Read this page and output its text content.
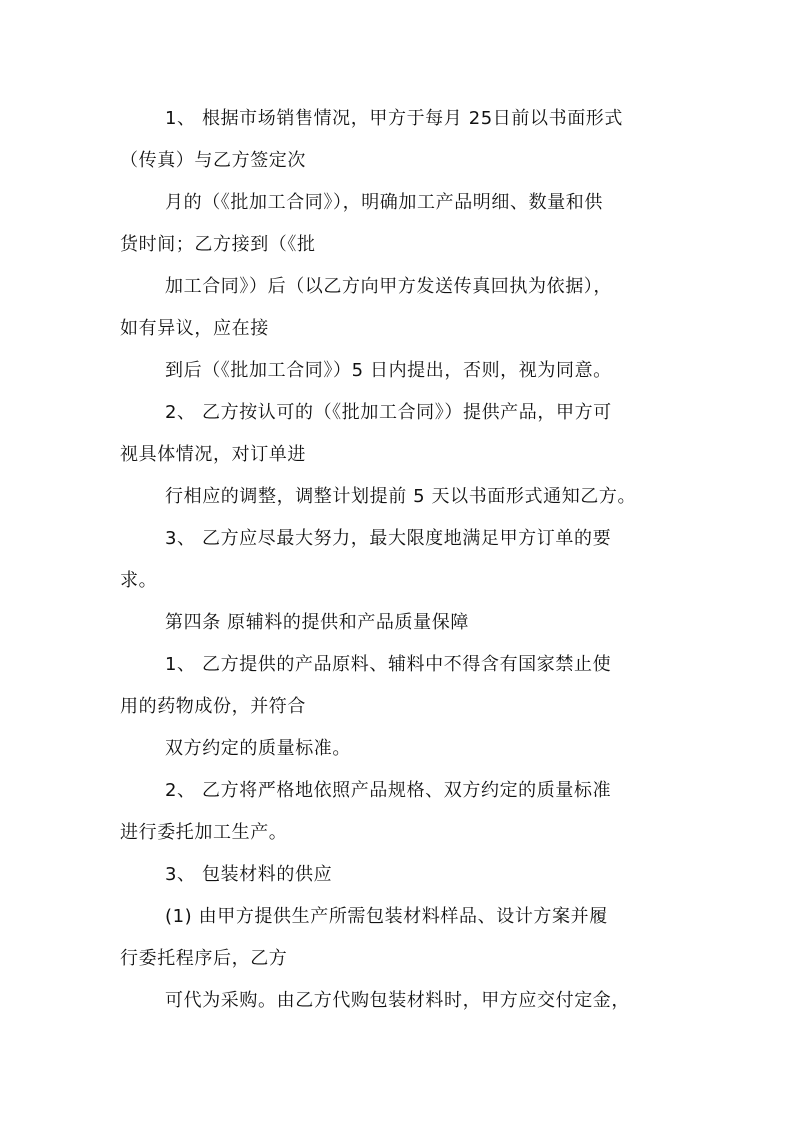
1、 根据市场销售情况，甲方于每月 25日前以书面形式
（传真）与乙方签定次
月的（《批加工合同》），明确加工产品明细、数量和供
货时间；乙方接到（《批
加工合同》）后（以乙方向甲方发送传真回执为依据），
如有异议，应在接
到后（《批加工合同》）5 日内提出，否则，视为同意。
2、 乙方按认可的（《批加工合同》）提供产品，甲方可
视具体情况，对订单进
行相应的调整，调整计划提前 5 天以书面形式通知乙方。
3、 乙方应尽最大努力，最大限度地满足甲方订单的要
求。
第四条 原辅料的提供和产品质量保障
1、 乙方提供的产品原料、辅料中不得含有国家禁止使
用的药物成份，并符合
双方约定的质量标准。
2、 乙方将严格地依照产品规格、双方约定的质量标准
进行委托加工生产。
3、 包装材料的供应
(1) 由甲方提供生产所需包装材料样品、设计方案并履
行委托程序后，乙方
可代为采购。由乙方代购包装材料时，甲方应交付定金，
